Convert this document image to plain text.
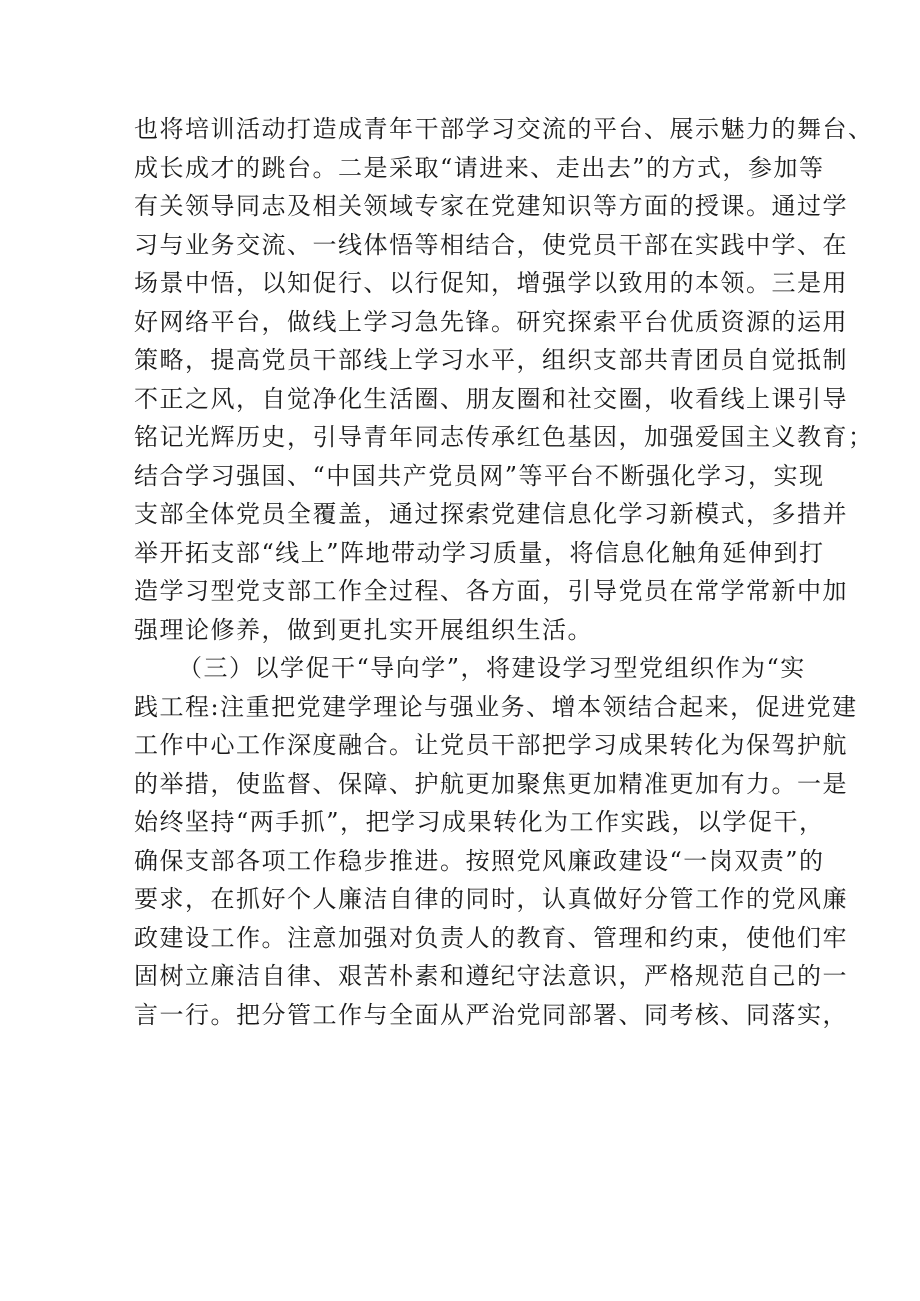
也将培训活动打造成青年干部学习交流的平台、展示魅力的舞台、
成长成才的跳台。二是采取“请进来、走出去”的方式，参加等
有关领导同志及相关领域专家在党建知识等方面的授课。通过学
习与业务交流、一线体悟等相结合，使党员干部在实践中学、在
场景中悟，以知促行、以行促知，增强学以致用的本领。三是用
好网络平台，做线上学习急先锋。研究探索平台优质资源的运用
策略，提高党员干部线上学习水平，组织支部共青团员自觉抵制
不正之风，自觉净化生活圈、朋友圈和社交圈，收看线上课引导
铭记光辉历史，引导青年同志传承红色基因，加强爱国主义教育；
结合学习强国、“中国共产党员网”等平台不断强化学习，实现
支部全体党员全覆盖，通过探索党建信息化学习新模式，多措并
举开拓支部“线上”阵地带动学习质量，将信息化触角延伸到打
造学习型党支部工作全过程、各方面，引导党员在常学常新中加
强理论修养，做到更扎实开展组织生活。
（三）以学促干“导向学”，将建设学习型党组织作为“实
践工程:注重把党建学理论与强业务、增本领结合起来，促进党建
工作中心工作深度融合。让党员干部把学习成果转化为保驾护航
的举措，使监督、保障、护航更加聚焦更加精准更加有力。一是
始终坚持“两手抓”，把学习成果转化为工作实践，以学促干，
确保支部各项工作稳步推进。按照党风廉政建设“一岗双责”的
要求，在抓好个人廉洁自律的同时，认真做好分管工作的党风廉
政建设工作。注意加强对负责人的教育、管理和约束，使他们牢
固树立廉洁自律、艰苦朴素和遵纪守法意识，严格规范自己的一
言一行。把分管工作与全面从严治党同部署、同考核、同落实，
